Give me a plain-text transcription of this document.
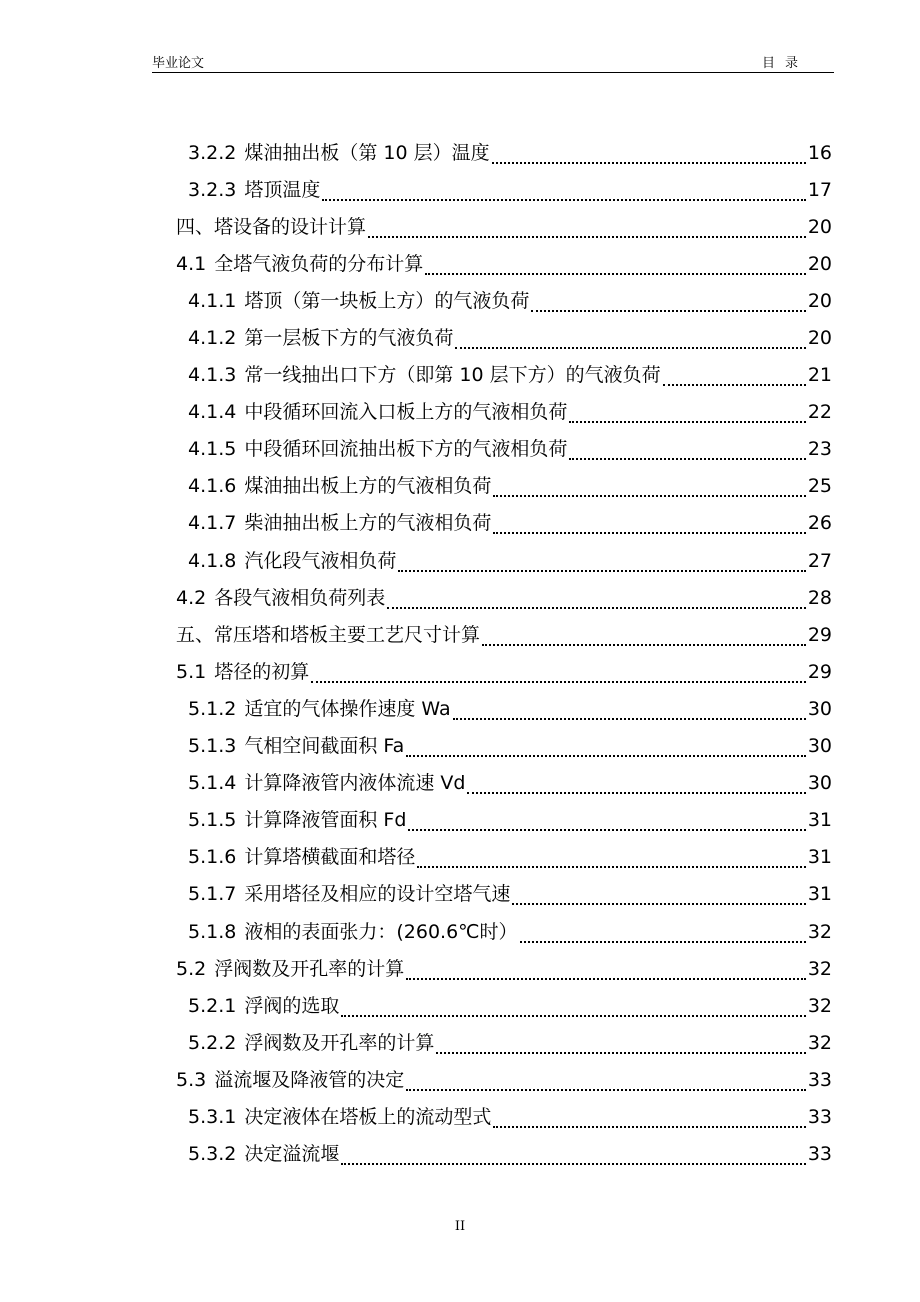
毕业论文	目录
3.2.2 煤油抽出板（第 10 层）温度	16
3.2.3 塔顶温度	17
四、塔设备的设计计算	20
4.1 全塔气液负荷的分布计算	20
4.1.1 塔顶（第一块板上方）的气液负荷	20
4.1.2 第一层板下方的气液负荷	20
4.1.3 常一线抽出口下方（即第 10 层下方）的气液负荷	21
4.1.4 中段循环回流入口板上方的气液相负荷	22
4.1.5 中段循环回流抽出板下方的气液相负荷	23
4.1.6 煤油抽出板上方的气液相负荷	25
4.1.7 柴油抽出板上方的气液相负荷	26
4.1.8 汽化段气液相负荷	27
4.2 各段气液相负荷列表	28
五、常压塔和塔板主要工艺尺寸计算	29
5.1 塔径的初算	29
5.1.2 适宜的气体操作速度 Wa	30
5.1.3 气相空间截面积 Fa	30
5.1.4 计算降液管内液体流速 Vd	30
5.1.5 计算降液管面积 Fd	31
5.1.6 计算塔横截面和塔径	31
5.1.7 采用塔径及相应的设计空塔气速	31
5.1.8 液相的表面张力：(260.6℃时）	32
5.2 浮阀数及开孔率的计算	32
5.2.1 浮阀的选取	32
5.2.2 浮阀数及开孔率的计算	32
5.3 溢流堰及降液管的决定	33
5.3.1 决定液体在塔板上的流动型式	33
5.3.2 决定溢流堰	33
II
